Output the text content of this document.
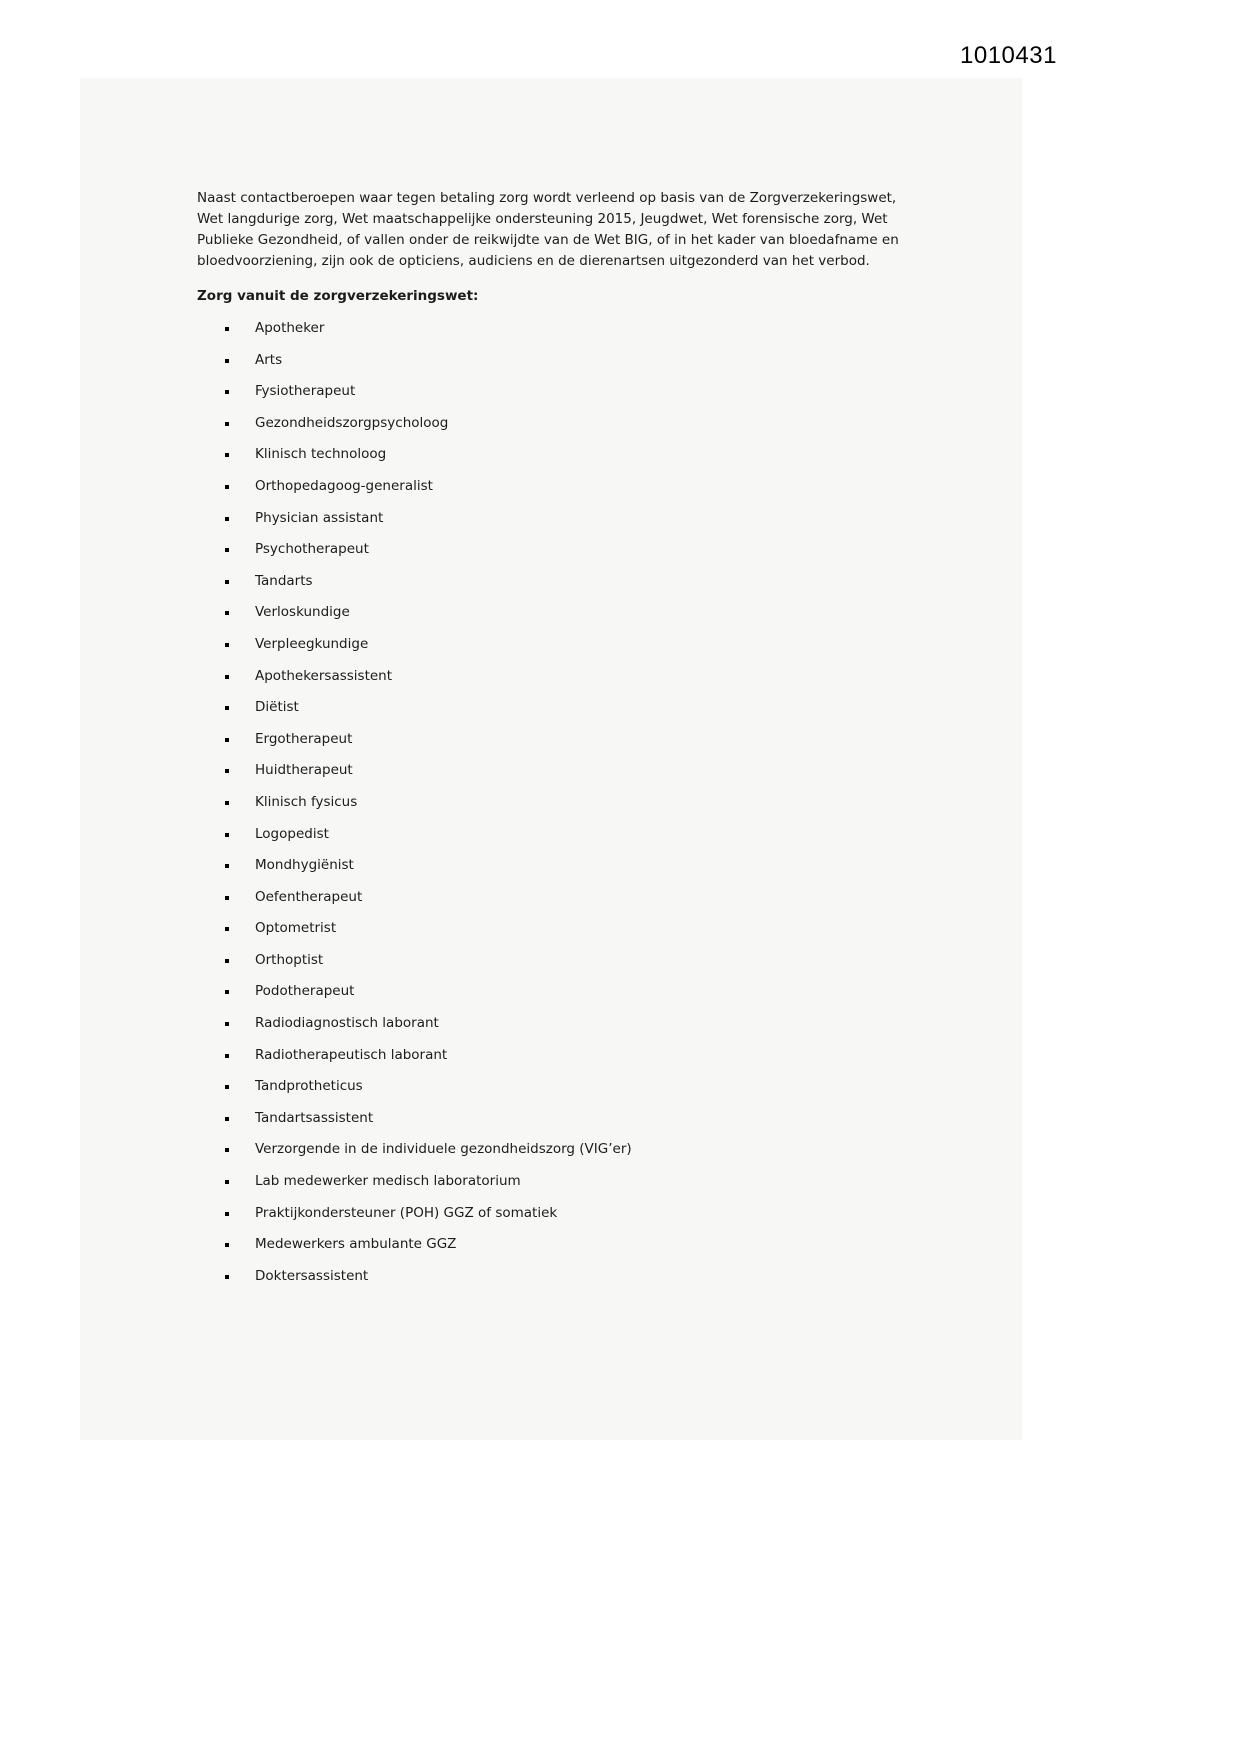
1010431

Naast contactberoepen waar tegen betaling zorg wordt verleend op basis van de Zorgverzekeringswet, Wet langdurige zorg, Wet maatschappelijke ondersteuning 2015, Jeugdwet, Wet forensische zorg, Wet Publieke Gezondheid, of vallen onder de reikwijdte van de Wet BIG, of in het kader van bloedafname en bloedvoorziening, zijn ook de opticiens, audiciens en de dierenartsen uitgezonderd van het verbod.

Zorg vanuit de zorgverzekeringswet:

Apotheker
Arts
Fysiotherapeut
Gezondheidszorgpsycholoog
Klinisch technoloog
Orthopedagoog-generalist
Physician assistant
Psychotherapeut
Tandarts
Verloskundige
Verpleegkundige
Apothekersassistent
Diëtist
Ergotherapeut
Huidtherapeut
Klinisch fysicus
Logopedist
Mondhygiënist
Oefentherapeut
Optometrist
Orthoptist
Podotherapeut
Radiodiagnostisch laborant
Radiotherapeutisch laborant
Tandprotheticus
Tandartsassistent
Verzorgende in de individuele gezondheidszorg (VIG’er)
Lab medewerker medisch laboratorium
Praktijkondersteuner (POH) GGZ of somatiek
Medewerkers ambulante GGZ
Doktersassistent
